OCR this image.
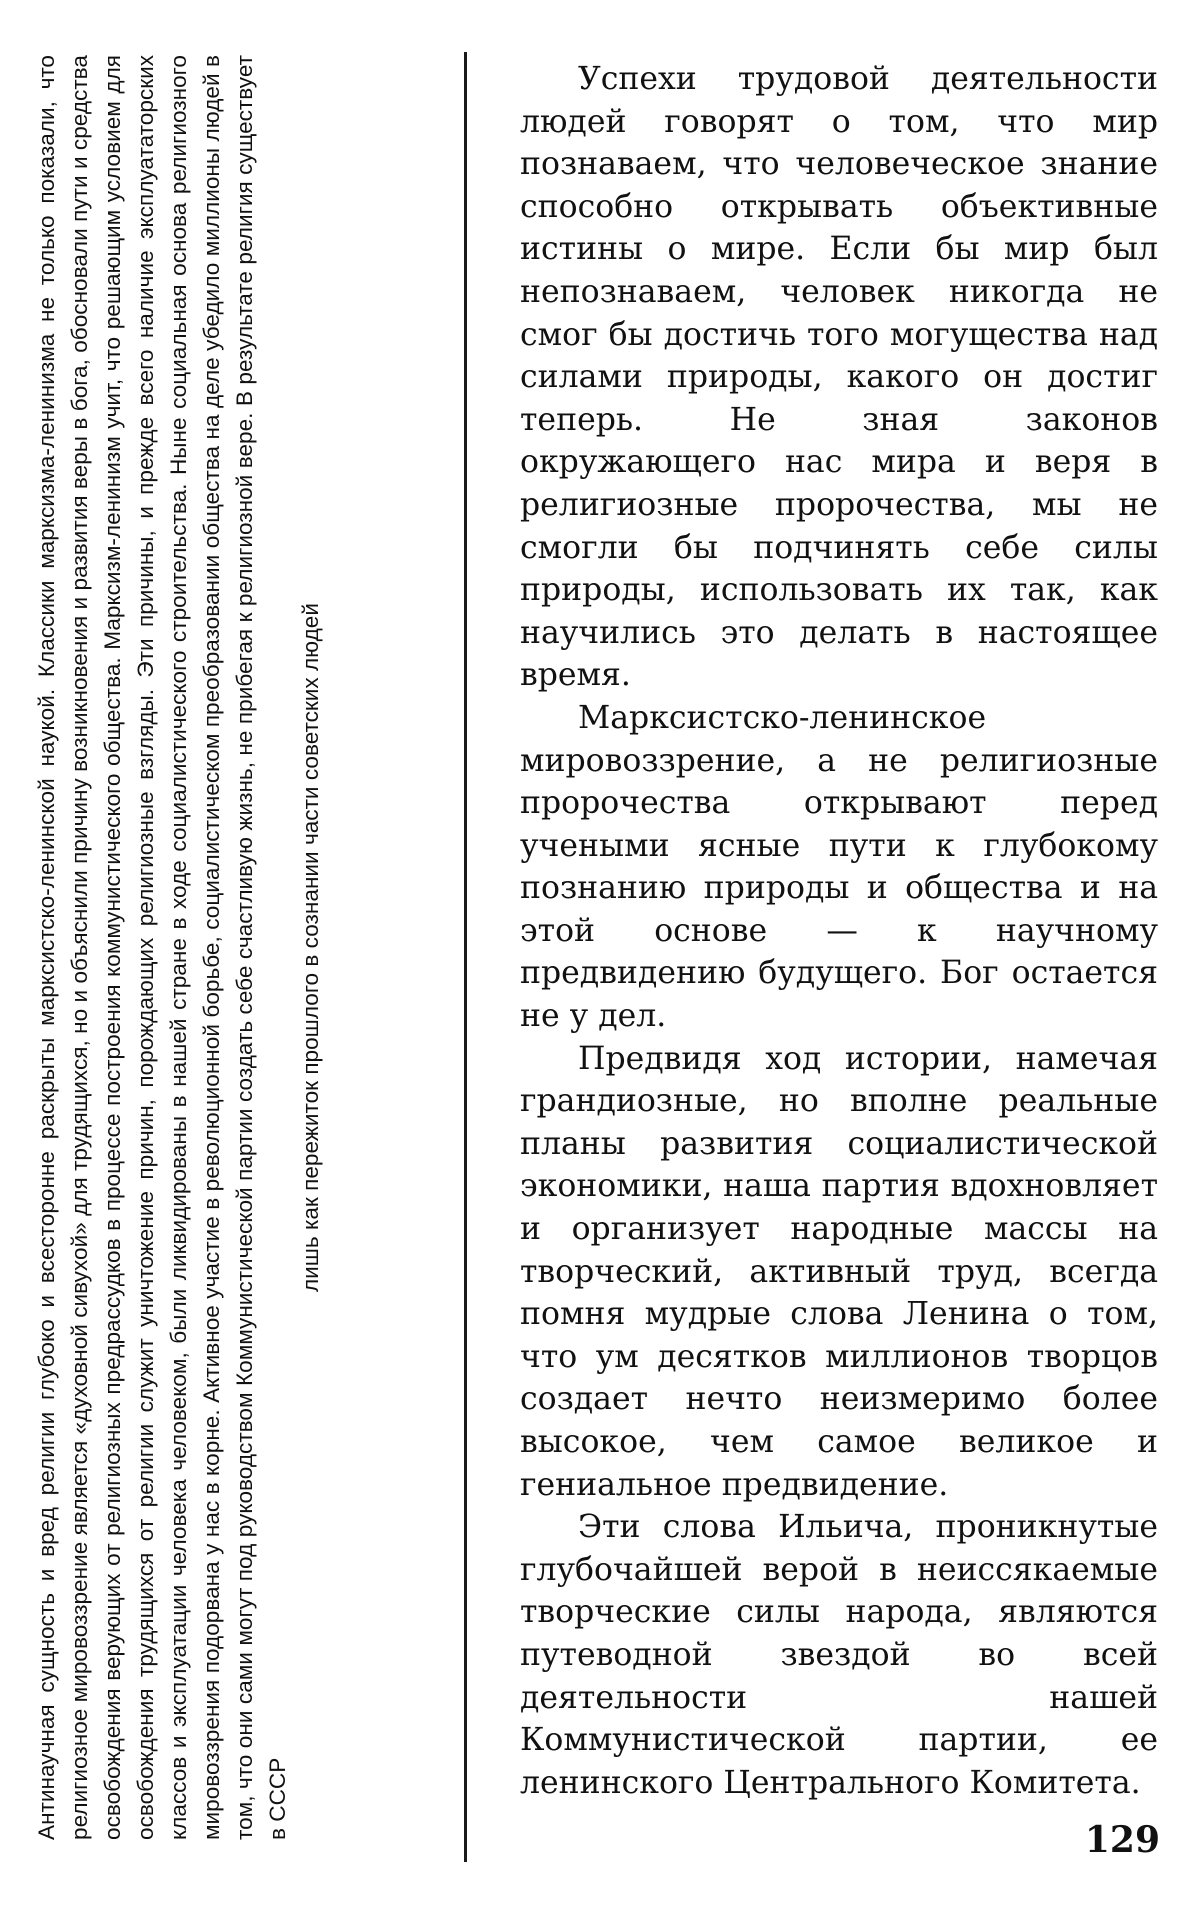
Антинаучная сущность и вред религии глубоко и всесторонне раскрыты марксистско-ленинской наукой. Классики марксизма-ленинизма не только показали, что религиозное мировоззрение является «духовной сивухой» для трудящихся, но и объяснили причину возникновения и развития веры в бога, обосновали пути и средства освобождения верующих от религиозных предрассудков в процессе построения коммунистического общества. Марксизм-ленинизм учит, что решающим условием для освобождения трудящихся от религии служит уничтожение причин, порождающих религиозные взгляды. Эти причины, и прежде всего наличие эксплуататорских классов и эксплуатации человека человеком, были ликвидированы в нашей стране в ходе социалистического строительства. Ныне социальная основа религиозного мировоззрения подорвана у нас в корне. Активное участие в революционной борьбе, социалистическом преобразовании общества на деле убедило миллионы людей в том, что они сами могут под руководством Коммунистической партии создать себе счастливую жизнь, не прибегая к религиозной вере. В результате религия существует в СССР

лишь как пережиток прошлого в сознании части советских людей

Успехи трудовой деятельности людей говорят о том, что мир познаваем, что человеческое знание способно открывать объективные истины о мире. Если бы мир был непознаваем, человек никогда не смог бы достичь того могущества над силами природы, какого он достиг теперь. Не зная законов окружающего нас мира и веря в религиозные пророчества, мы не смогли бы подчинять себе силы природы, использовать их так, как научились это делать в настоящее время.

Марксистско-ленинское мировоззрение, а не религиозные пророчества открывают перед учеными ясные пути к глубокому познанию природы и общества и на этой основе — к научному предвидению будущего. Бог остается не у дел.

Предвидя ход истории, намечая грандиозные, но вполне реальные планы развития социалистической экономики, наша партия вдохновляет и организует народные массы на творческий, активный труд, всегда помня мудрые слова Ленина о том, что ум десятков миллионов творцов создает нечто неизмеримо более высокое, чем самое великое и гениальное предвидение.

Эти слова Ильича, проникнутые глубочайшей верой в неиссякаемые творческие силы народа, являются путеводной звездой во всей деятельности нашей Коммунистической партии, ее ленинского Центрального Комитета.

129
